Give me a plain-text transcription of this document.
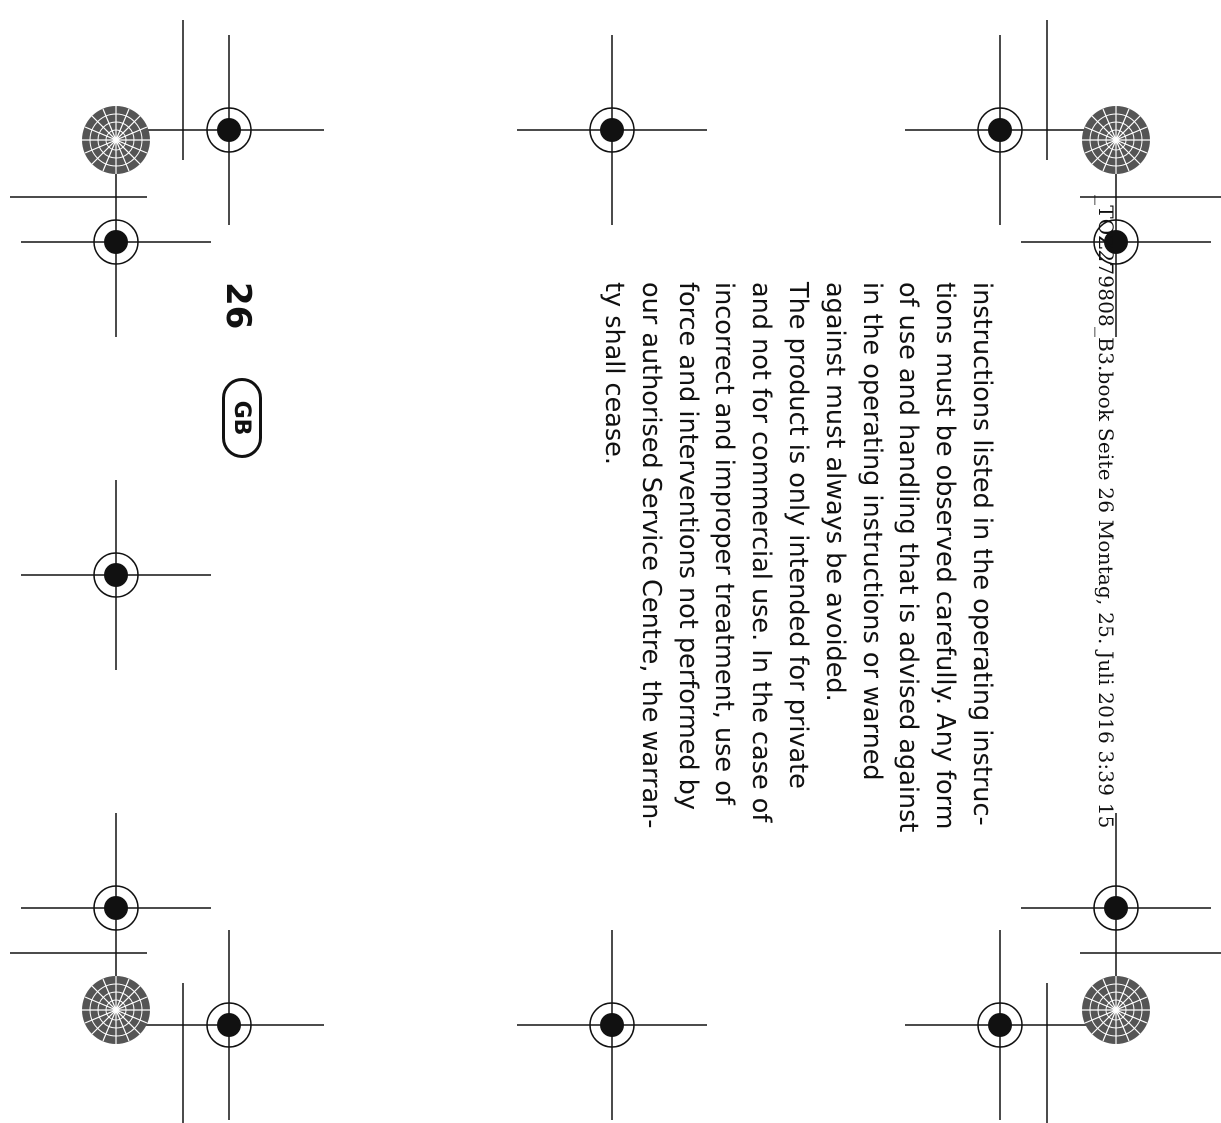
_TOZ279808_B3.book Seite 26 Montag, 25. Juli 2016 3:39 15
instructions listed in the operating instruc-
tions must be observed carefully. Any form
of use and handling that is advised against
in the operating instructions or warned
against must always be avoided.
The product is only intended for private
and not for commercial use. In the case of
incorrect and improper treatment, use of
force and interventions not performed by
our authorised Service Centre, the warran-
ty shall cease.
26
GB
